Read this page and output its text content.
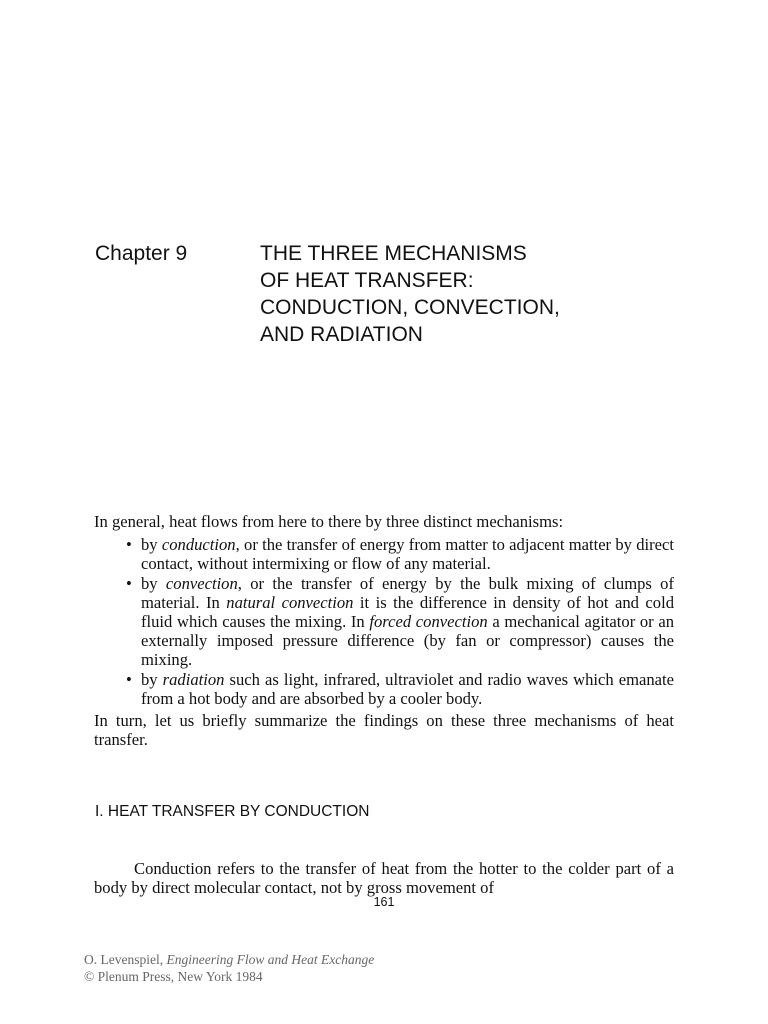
Chapter 9	THE THREE MECHANISMS
OF HEAT TRANSFER:
CONDUCTION, CONVECTION,
AND RADIATION

In general, heat flows from here to there by three distinct mechanisms:

• by conduction, or the transfer of energy from matter to adjacent matter by direct contact, without intermixing or flow of any material.
• by convection, or the transfer of energy by the bulk mixing of clumps of material. In natural convection it is the difference in density of hot and cold fluid which causes the mixing. In forced convection a mechanical agitator or an externally imposed pressure difference (by fan or compressor) causes the mixing.
• by radiation such as light, infrared, ultraviolet and radio waves which emanate from a hot body and are absorbed by a cooler body.

In turn, let us briefly summarize the findings on these three mechanisms of heat transfer.

I. HEAT TRANSFER BY CONDUCTION

Conduction refers to the transfer of heat from the hotter to the colder part of a body by direct molecular contact, not by gross movement of

161
O. Levenspiel, Engineering Flow and Heat Exchange
© Plenum Press, New York 1984
